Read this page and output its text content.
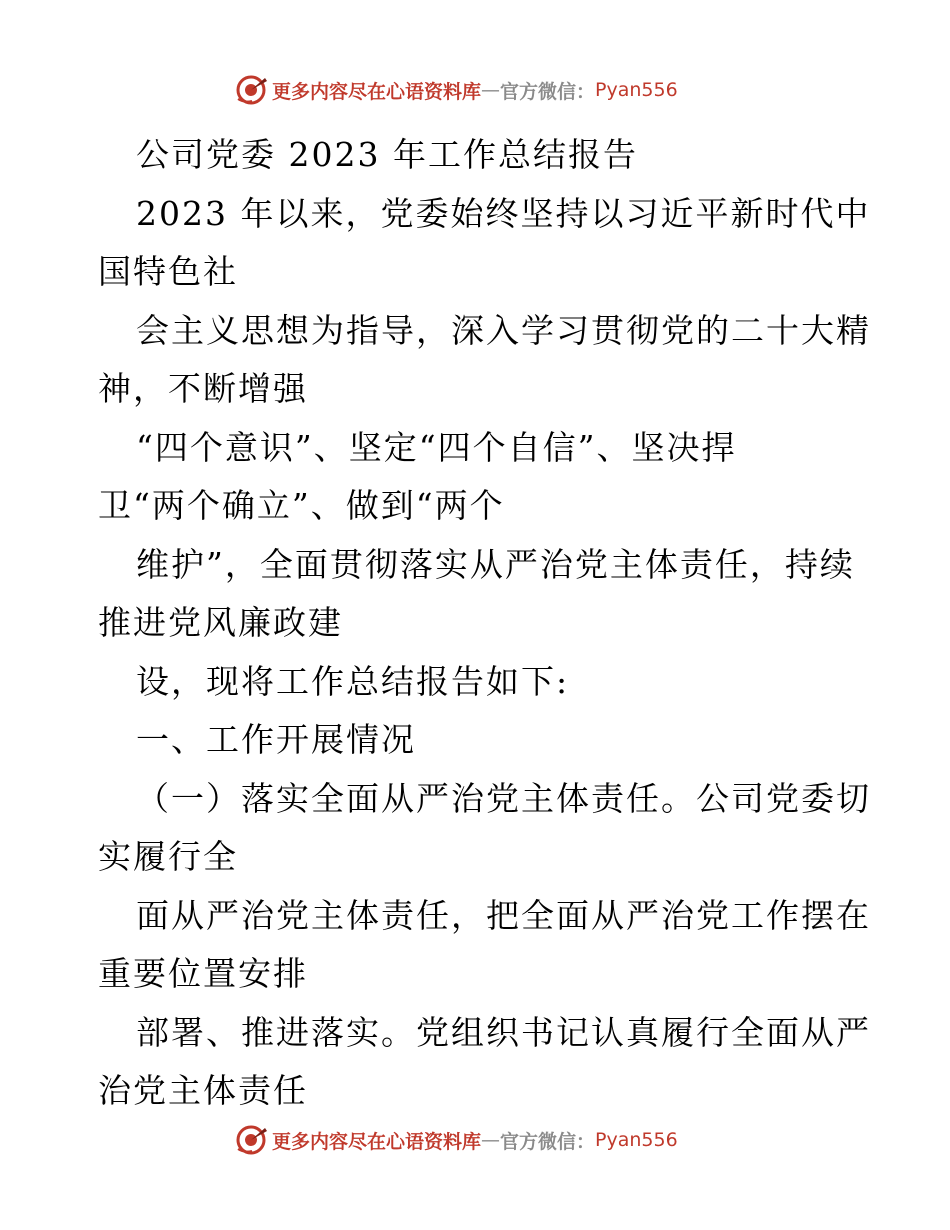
更多内容尽在心语资料库 — 官方微信： Pyan556
公司党委 2023 年工作总结报告
2023 年以来，党委始终坚持以习近平新时代中
国特色社
会主义思想为指导，深入学习贯彻党的二十大精
神，不断增强
“四个意识”、坚定“四个自信”、坚决捍
卫“两个确立”、做到“两个
维护”，全面贯彻落实从严治党主体责任，持续
推进党风廉政建
设，现将工作总结报告如下:
一、工作开展情况
（一）落实全面从严治党主体责任。公司党委切
实履行全
面从严治党主体责任，把全面从严治党工作摆在
重要位置安排
部署、推进落实。党组织书记认真履行全面从严
治党主体责任
更多内容尽在心语资料库 — 官方微信： Pyan556
